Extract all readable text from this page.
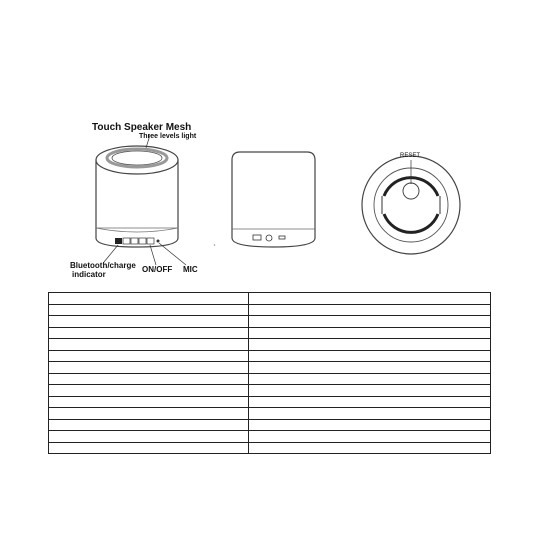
Touch Speaker Mesh
Three levels light
Bluetooth/charge
indicator
ON/OFF MIC
RESET
